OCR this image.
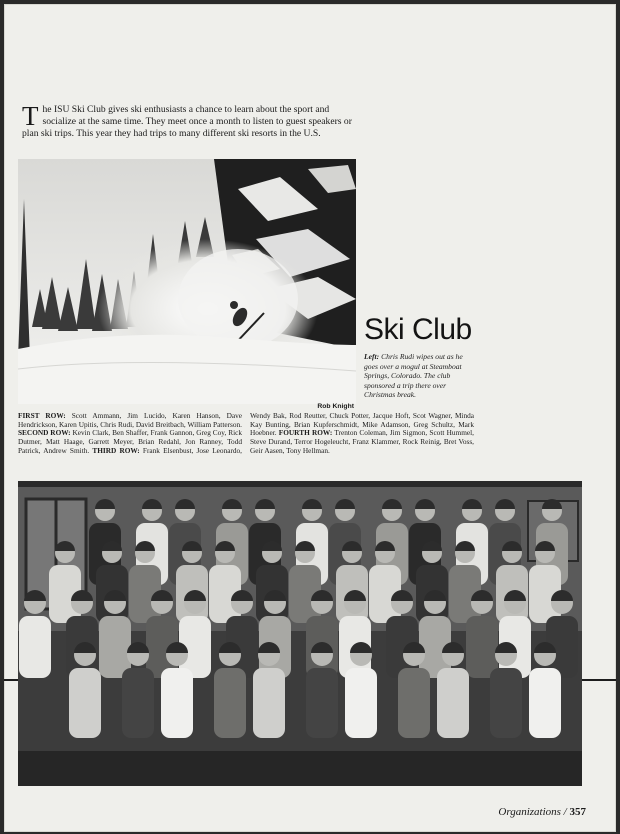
The ISU Ski Club gives ski enthusiasts a chance to learn about the sport and socialize at the same time. They meet once a month to listen to guest speakers or plan ski trips. This year they had trips to many different ski resorts in the U.S.
Rob Knight
Ski Club
Left: Chris Rudi wipes out as he goes over a mogul at Steamboat Springs, Colorado. The club sponsored a trip there over Christmas break.
FIRST ROW: Scott Ammann, Jim Lucido, Karen Hanson, Dave Hendrickson, Karen Upitis, Chris Rudi, David Breitbach, William Patterson. SECOND ROW: Kevin Clark, Ben Shaffer, Frank Gannon, Greg Coy, Rick Dutmer, Matt Haage, Garrett Meyer, Brian Redahl, Jon Ranney, Todd Patrick, Andrew Smith. THIRD ROW: Frank Elsenbust, Jose Leonardo, Wendy Bak, Rod Reutter, Chuck Potter, Jacque Hoft, Scot Wagner, Minda Kay Bunting, Brian Kupferschmidt, Mike Adamson, Greg Schultz, Mark Hoebner. FOURTH ROW: Trenton Coleman, Jim Sigmon, Scott Hummel, Steve Durand, Terror Hogeleucht, Franz Klammer, Rock Reinig, Bret Voss, Geir Aasen, Tony Hellman.
Organizations / 357
